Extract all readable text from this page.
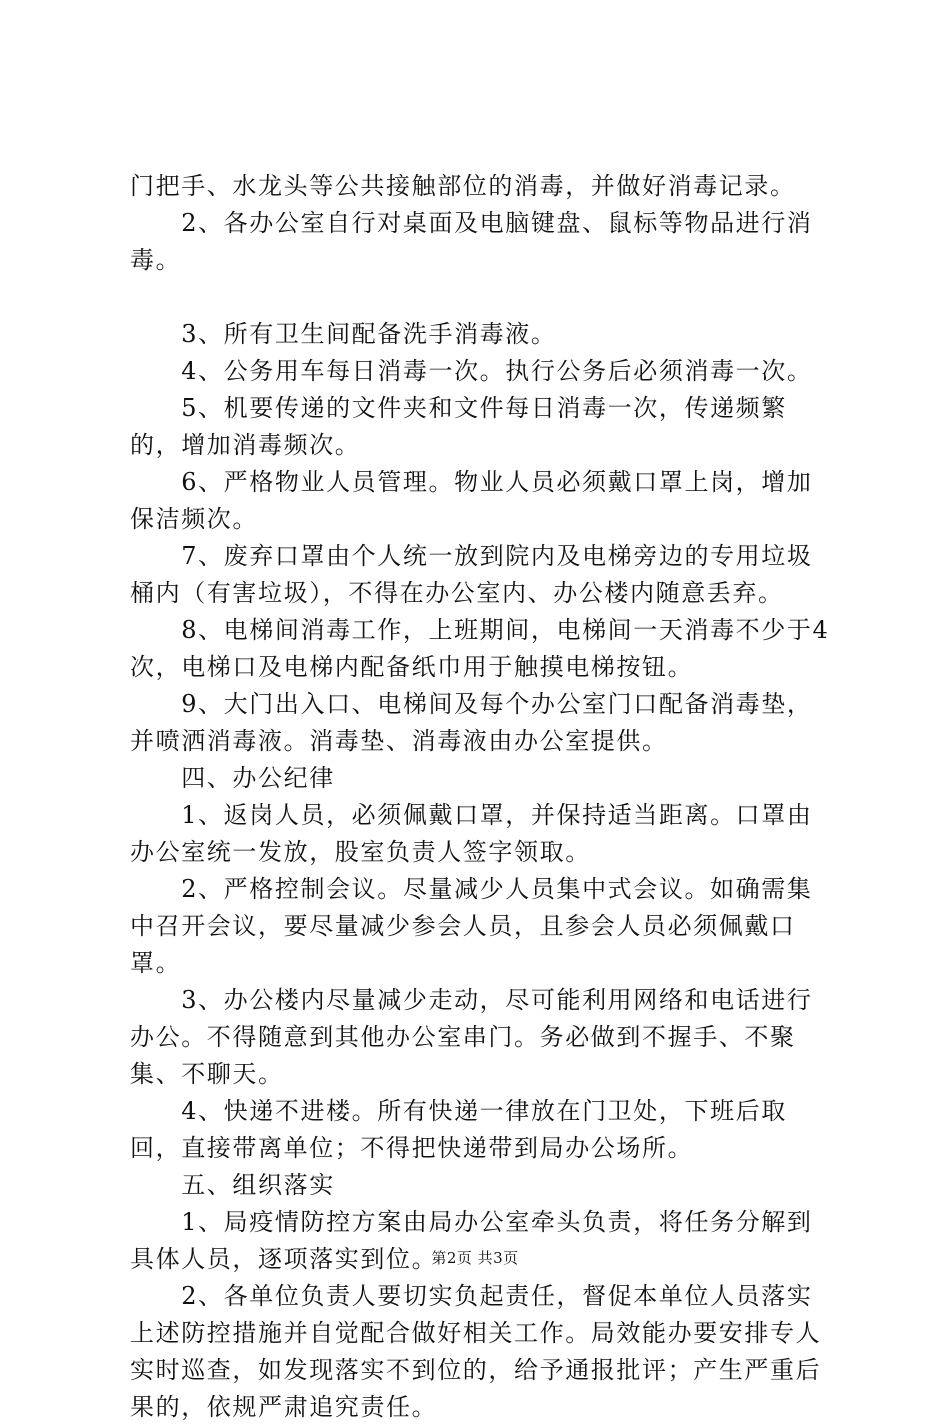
门把手、水龙头等公共接触部位的消毒，并做好消毒记录。

　　2、各办公室自行对桌面及电脑键盘、鼠标等物品进行消毒。

　　3、所有卫生间配备洗手消毒液。

　　4、公务用车每日消毒一次。执行公务后必须消毒一次。

　　5、机要传递的文件夹和文件每日消毒一次，传递频繁的，增加消毒频次。

　　6、严格物业人员管理。物业人员必须戴口罩上岗，增加保洁频次。

　　7、废弃口罩由个人统一放到院内及电梯旁边的专用垃圾桶内（有害垃圾），不得在办公室内、办公楼内随意丢弃。

　　8、电梯间消毒工作，上班期间，电梯间一天消毒不少于4次，电梯口及电梯内配备纸巾用于触摸电梯按钮。

　　9、大门出入口、电梯间及每个办公室门口配备消毒垫，并喷洒消毒液。消毒垫、消毒液由办公室提供。

　　四、办公纪律

　　1、返岗人员，必须佩戴口罩，并保持适当距离。口罩由办公室统一发放，股室负责人签字领取。

　　2、严格控制会议。尽量减少人员集中式会议。如确需集中召开会议，要尽量减少参会人员，且参会人员必须佩戴口罩。

　　3、办公楼内尽量减少走动，尽可能利用网络和电话进行办公。不得随意到其他办公室串门。务必做到不握手、不聚集、不聊天。

　　4、快递不进楼。所有快递一律放在门卫处，下班后取回，直接带离单位；不得把快递带到局办公场所。

　　五、组织落实

　　1、局疫情防控方案由局办公室牵头负责，将任务分解到具体人员，逐项落实到位。

　　2、各单位负责人要切实负起责任，督促本单位人员落实上述防控措施并自觉配合做好相关工作。局效能办要安排专人实时巡查，如发现落实不到位的，给予通报批评；产生严重后果的，依规严肃追究责任。

第2页 共3页
